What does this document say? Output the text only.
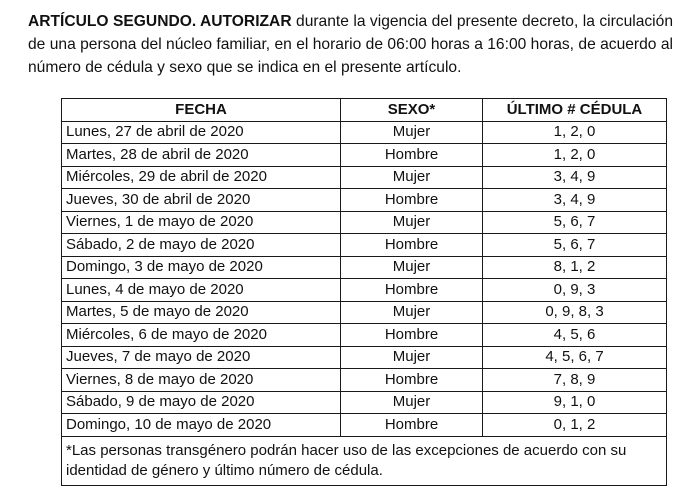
ARTÍCULO SEGUNDO. AUTORIZAR durante la vigencia del presente decreto, la circulación de una persona del núcleo familiar, en el horario de 06:00 horas a 16:00 horas, de acuerdo al número de cédula y sexo que se indica en el presente artículo.

FECHA	SEXO*	ÚLTIMO # CÉDULA
Lunes, 27 de abril de 2020	Mujer	1, 2, 0
Martes, 28 de abril de 2020	Hombre	1, 2, 0
Miércoles, 29 de abril de 2020	Mujer	3, 4, 9
Jueves, 30 de abril de 2020	Hombre	3, 4, 9
Viernes, 1 de mayo de 2020	Mujer	5, 6, 7
Sábado, 2 de mayo de 2020	Hombre	5, 6, 7
Domingo, 3 de mayo de 2020	Mujer	8, 1, 2
Lunes, 4 de mayo de 2020	Hombre	0, 9, 3
Martes, 5 de mayo de 2020	Mujer	0, 9, 8, 3
Miércoles, 6 de mayo de 2020	Hombre	4, 5, 6
Jueves, 7 de mayo de 2020	Mujer	4, 5, 6, 7
Viernes, 8 de mayo de 2020	Hombre	7, 8, 9
Sábado, 9 de mayo de 2020	Mujer	9, 1, 0
Domingo, 10 de mayo de 2020	Hombre	0, 1, 2
*Las personas transgénero podrán hacer uso de las excepciones de acuerdo con su identidad de género y último número de cédula.		
